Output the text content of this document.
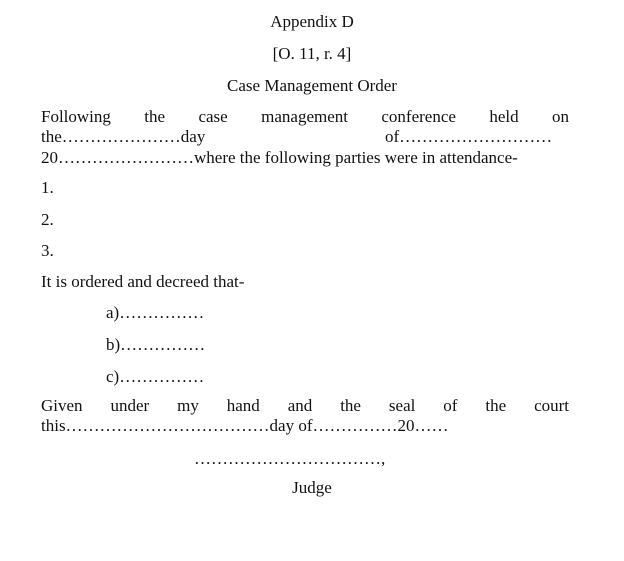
Appendix D
[O. 11, r. 4]
Case Management Order
Following the case management conference held on
the…………………day	of………………………
20……………………where the following parties were in attendance-
1.
2.
3.
It is ordered and decreed that-
a)……………
b)……………
c)……………
Given under my hand and the seal of the court
this………………………………day of……………20……
……………………………,
Judge
